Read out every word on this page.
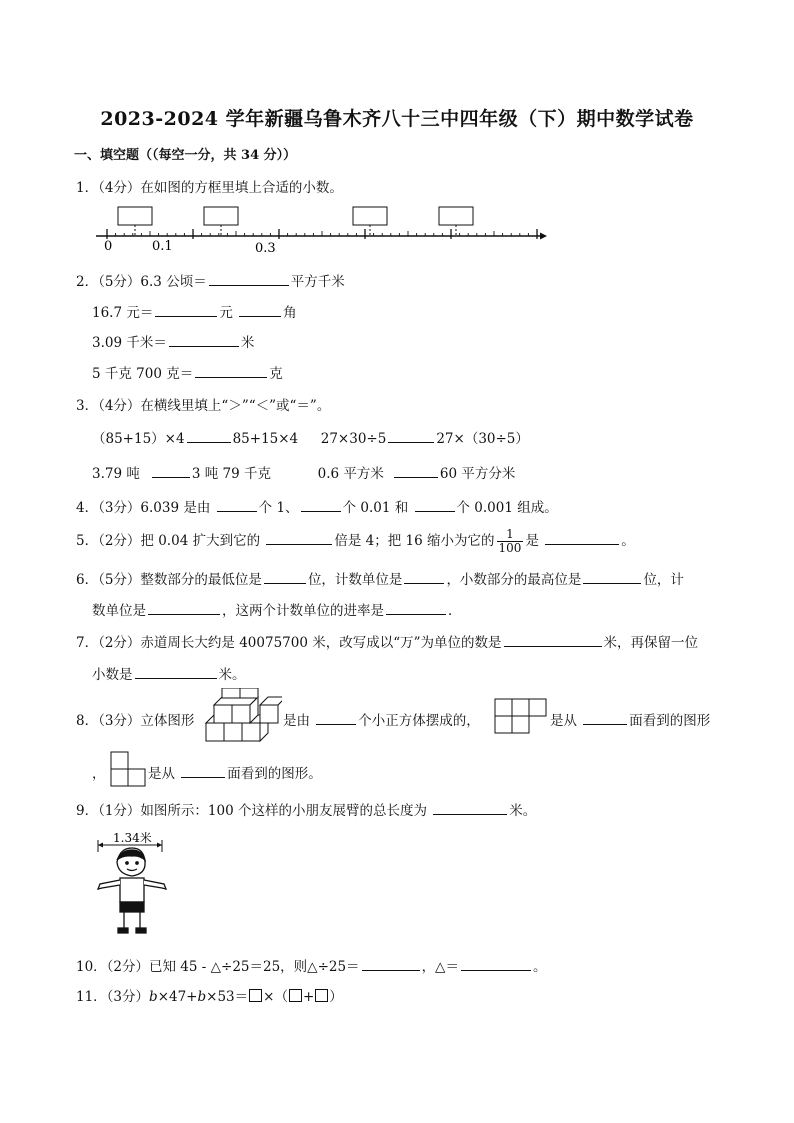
2023-2024 学年新疆乌鲁木齐八十三中四年级（下）期中数学试卷
一、填空题（（每空一分，共 34 分））
1．（4分）在如图的方框里填上合适的小数。
0	0.1	0.3
2．（5分）6.3 公顷＝	平方千米
16.7 元＝	元	角
3.09 千米＝	米
5 千克 700 克＝	克
3．（4分）在横线里填上“＞”“＜”或“＝”。
（85+15）×4	85+15×4 27×30÷5	27×（30÷5）
3.79 吨	3 吨 79 千克	0.6 平方米	60 平方分米
4．（3分）6.039 是由	个 1、	个 0.01 和	个 0.001 组成。
5．（2分）把 0.04 扩大到它的	倍是 4；把 16 缩小为它的 $\frac{1}{100}$ 是	。
6．（5分）整数部分的最低位是	位，计数单位是	，小数部分的最高位是	位，计
数单位是	，这两个计数单位的进率是	．
7．（2分）赤道周长大约是 40075700 米，改写成以“万”为单位的数是	米，再保留一位
小数是	米。
8．（3分）立体图形	是由	个小正方体摆成的，	是从	面看到的图形
，	是从	面看到的图形。
9．（1分）如图所示：100 个这样的小朋友展臂的总长度为	米。
1.34米
10．（2分）已知 45 - △÷25＝25，则△÷25＝	，△＝	。
11．（3分）b×47+b×53＝ ×（ + ）
